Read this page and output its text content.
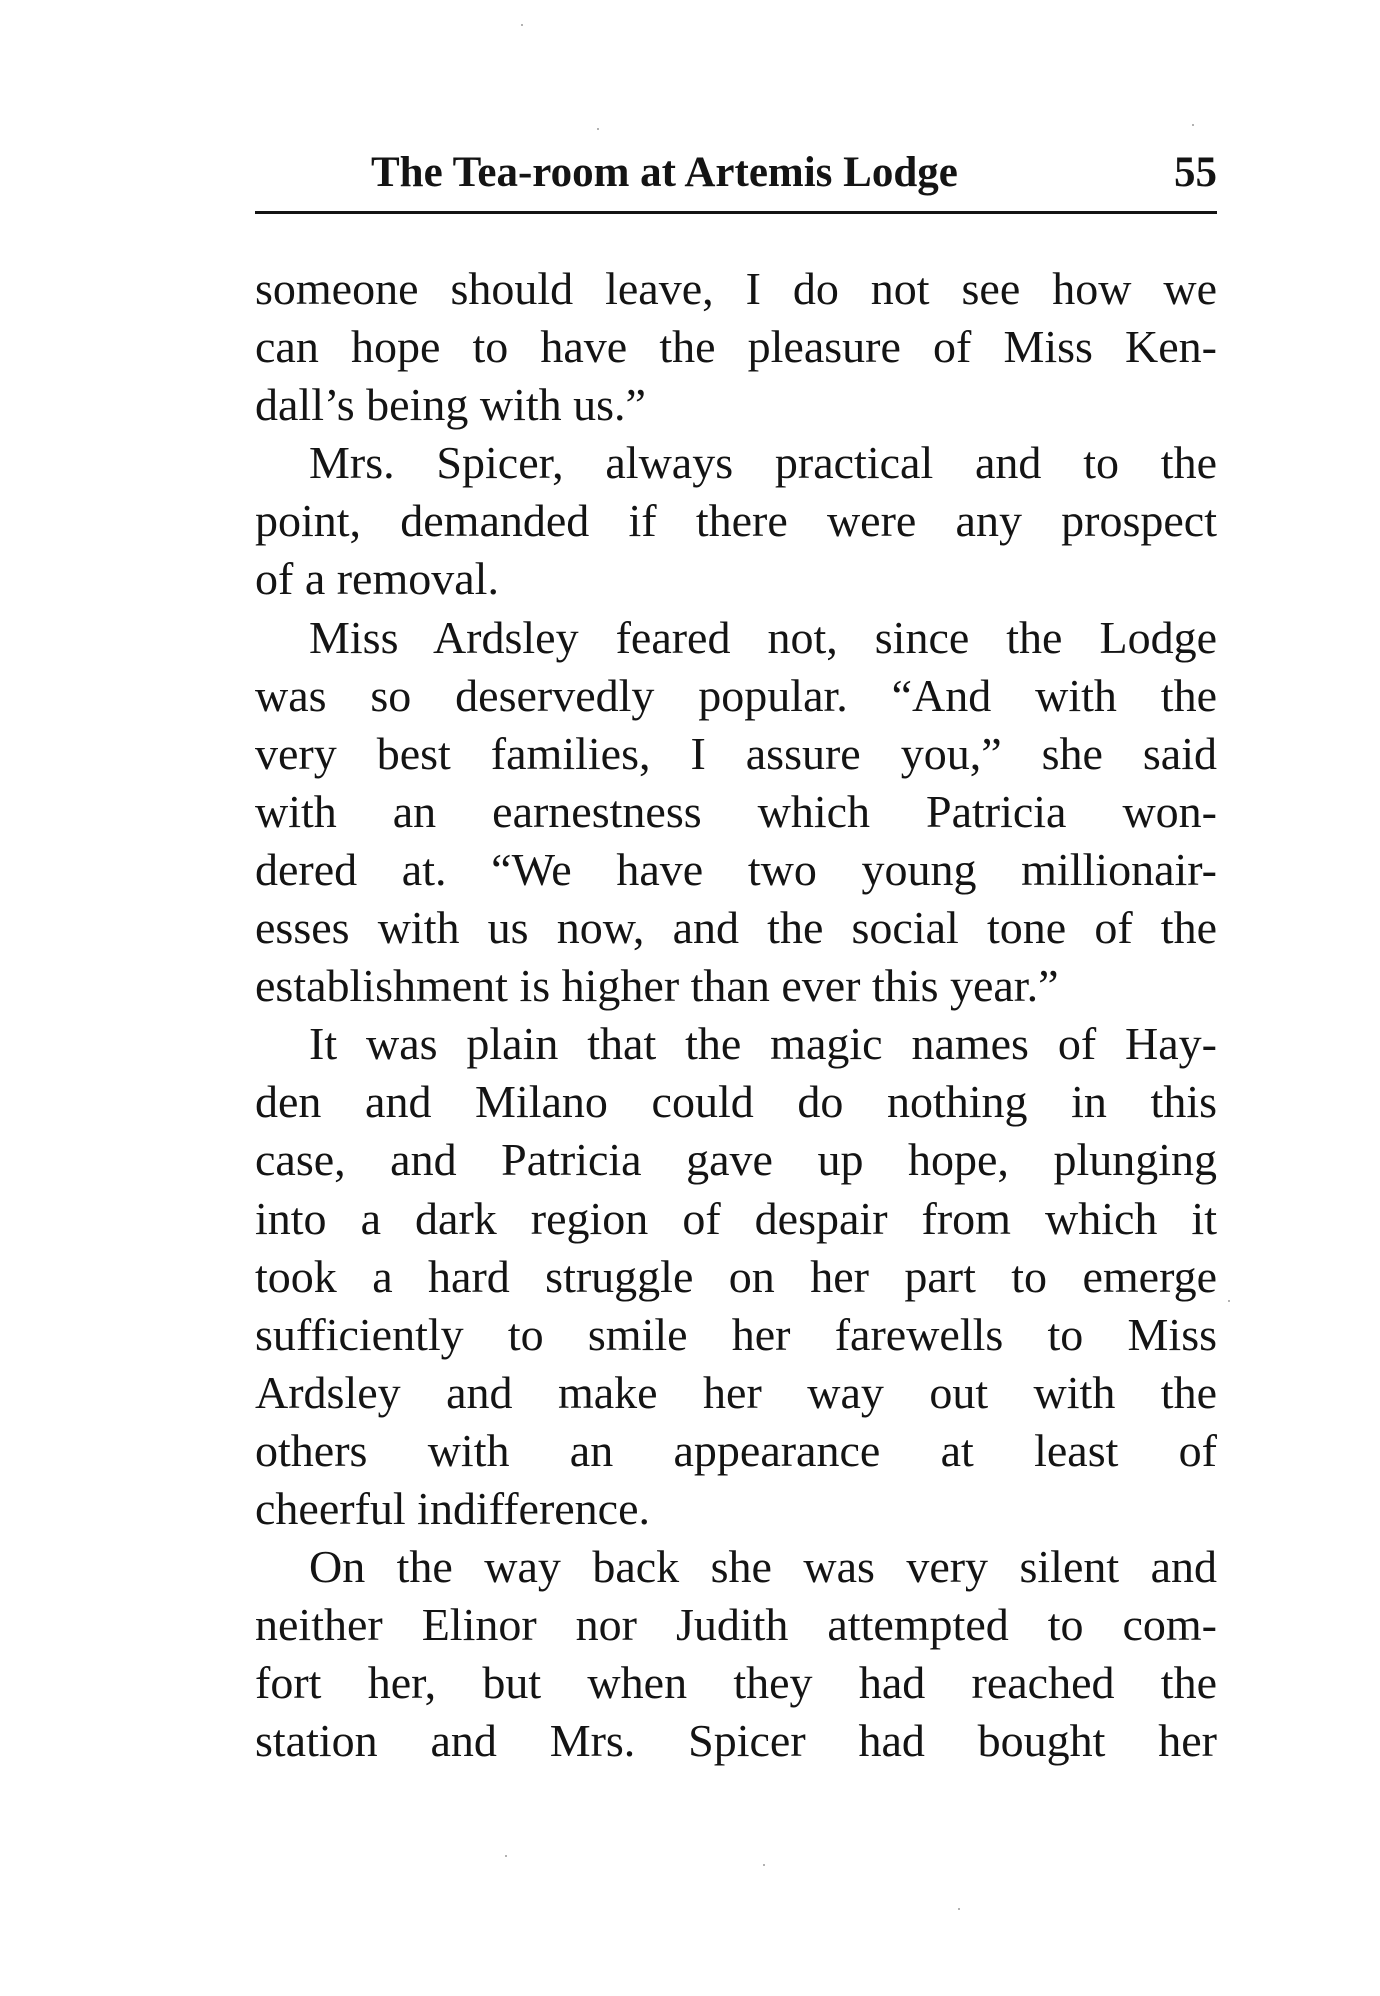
The Tea-room at Artemis Lodge	55
someone should leave, I do not see how we
can hope to have the pleasure of Miss Ken-
dall’s being with us.”
Mrs. Spicer, always practical and to the
point, demanded if there were any prospect
of a removal.
Miss Ardsley feared not, since the Lodge
was so deservedly popular. “And with the
very best families, I assure you,” she said
with an earnestness which Patricia won-
dered at. “We have two young millionair-
esses with us now, and the social tone of the
establishment is higher than ever this year.”
It was plain that the magic names of Hay-
den and Milano could do nothing in this
case, and Patricia gave up hope, plunging
into a dark region of despair from which it
took a hard struggle on her part to emerge
sufficiently to smile her farewells to Miss
Ardsley and make her way out with the
others with an appearance at least of
cheerful indifference.
On the way back she was very silent and
neither Elinor nor Judith attempted to com-
fort her, but when they had reached the
station and Mrs. Spicer had bought her
